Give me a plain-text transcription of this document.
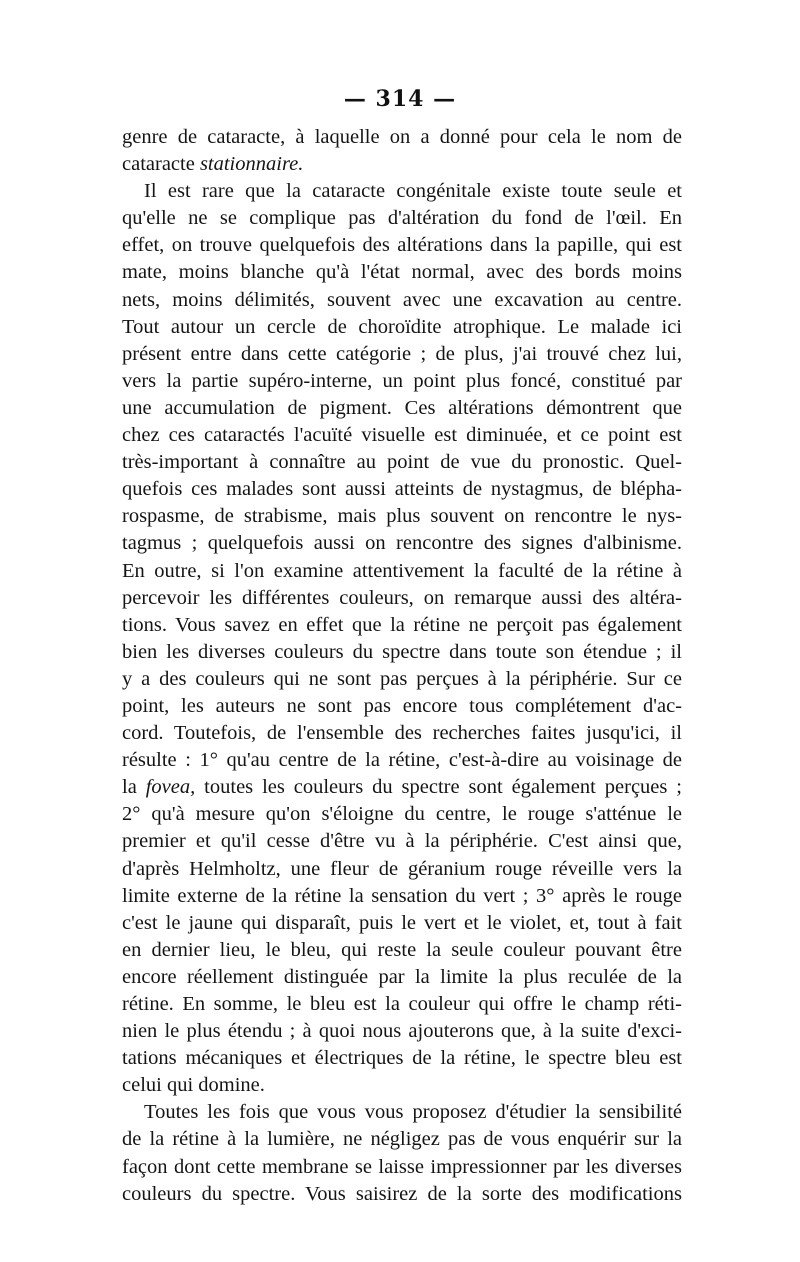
— 314 —
genre de cataracte, à laquelle on a donné pour cela le nom de
cataracte stationnaire.
Il est rare que la cataracte congénitale existe toute seule et
qu'elle ne se complique pas d'altération du fond de l'œil. En
effet, on trouve quelquefois des altérations dans la papille, qui est
mate, moins blanche qu'à l'état normal, avec des bords moins
nets, moins délimités, souvent avec une excavation au centre.
Tout autour un cercle de choroïdite atrophique. Le malade ici
présent entre dans cette catégorie ; de plus, j'ai trouvé chez lui,
vers la partie supéro-interne, un point plus foncé, constitué par
une accumulation de pigment. Ces altérations démontrent que
chez ces cataractés l'acuïté visuelle est diminuée, et ce point est
très-important à connaître au point de vue du pronostic. Quel-
quefois ces malades sont aussi atteints de nystagmus, de blépha-
rospasme, de strabisme, mais plus souvent on rencontre le nys-
tagmus ; quelquefois aussi on rencontre des signes d'albinisme.
En outre, si l'on examine attentivement la faculté de la rétine à
percevoir les différentes couleurs, on remarque aussi des altéra-
tions. Vous savez en effet que la rétine ne perçoit pas également
bien les diverses couleurs du spectre dans toute son étendue ; il
y a des couleurs qui ne sont pas perçues à la périphérie. Sur ce
point, les auteurs ne sont pas encore tous complétement d'ac-
cord. Toutefois, de l'ensemble des recherches faites jusqu'ici, il
résulte : 1° qu'au centre de la rétine, c'est-à-dire au voisinage de
la fovea, toutes les couleurs du spectre sont également perçues ;
2° qu'à mesure qu'on s'éloigne du centre, le rouge s'atténue le
premier et qu'il cesse d'être vu à la périphérie. C'est ainsi que,
d'après Helmholtz, une fleur de géranium rouge réveille vers la
limite externe de la rétine la sensation du vert ; 3° après le rouge
c'est le jaune qui disparaît, puis le vert et le violet, et, tout à fait
en dernier lieu, le bleu, qui reste la seule couleur pouvant être
encore réellement distinguée par la limite la plus reculée de la
rétine. En somme, le bleu est la couleur qui offre le champ réti-
nien le plus étendu ; à quoi nous ajouterons que, à la suite d'exci-
tations mécaniques et électriques de la rétine, le spectre bleu est
celui qui domine.
Toutes les fois que vous vous proposez d'étudier la sensibilité
de la rétine à la lumière, ne négligez pas de vous enquérir sur la
façon dont cette membrane se laisse impressionner par les diverses
couleurs du spectre. Vous saisirez de la sorte des modifications
